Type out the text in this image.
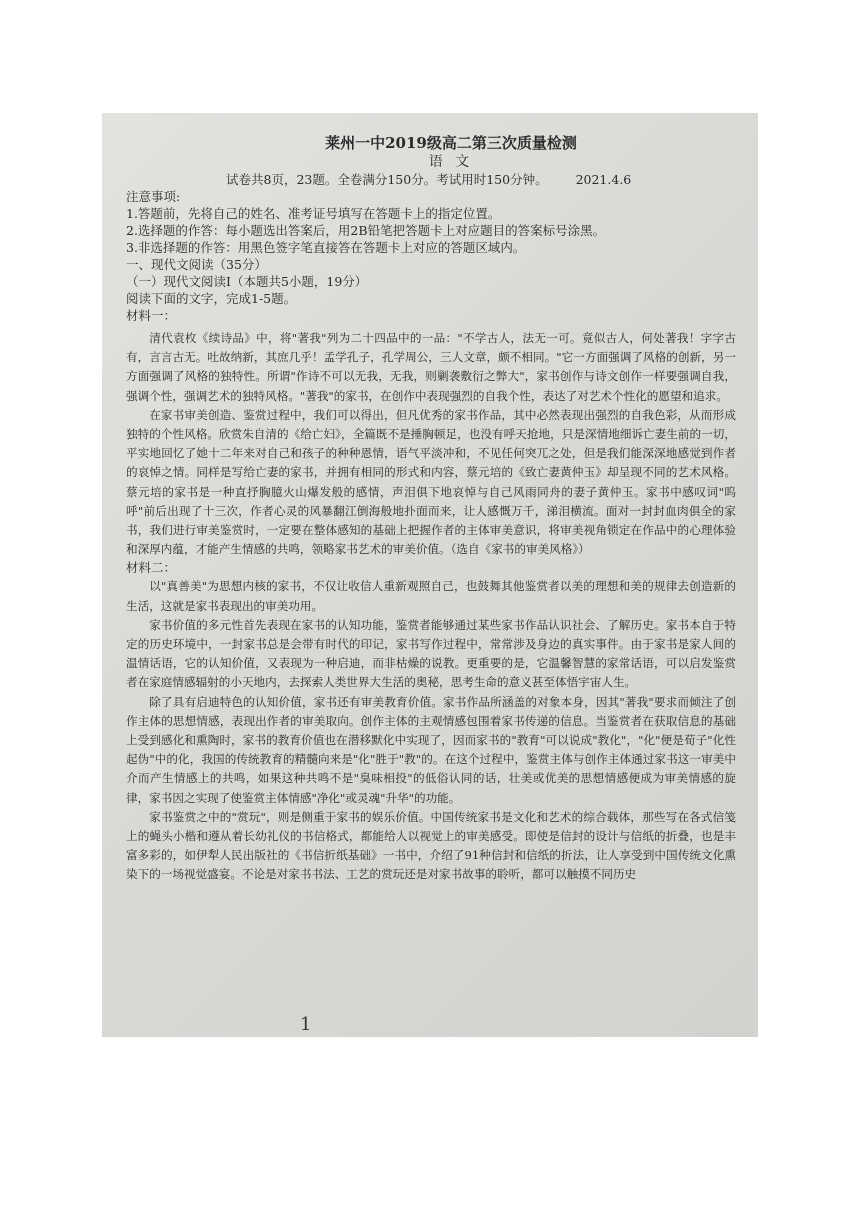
莱州一中2019级高二第三次质量检测
语 文
试卷共8页，23题。全卷满分150分。考试用时150分钟。 2021.4.6
注意事项:
1.答题前，先将自己的姓名、准考证号填写在答题卡上的指定位置。
2.选择题的作答：每小题选出答案后，用2B铅笔把答题卡上对应题目的答案标号涂黑。
3.非选择题的作答：用黑色签字笔直接答在答题卡上对应的答题区域内。
一、现代文阅读（35分）
（一）现代文阅读Ⅰ（本题共5小题，19分）
阅读下面的文字，完成1-5题。
材料一：

清代袁枚《续诗品》中，将"著我"列为二十四品中的一品："不学古人，法无一可。竟似古人，何处著我！字字古有，言言古无。吐故纳新，其庶几乎！孟学孔子，孔学周公，三人文章，颇不相同。"它一方面强调了风格的创新，另一方面强调了风格的独特性。所谓"作诗不可以无我，无我，则剿袭敷衍之弊大"，家书创作与诗文创作一样要强调自我，强调个性，强调艺术的独特风格。"著我"的家书，在创作中表现强烈的自我个性，表达了对艺术个性化的愿望和追求。

在家书审美创造、鉴赏过程中，我们可以得出，但凡优秀的家书作品，其中必然表现出强烈的自我色彩，从而形成独特的个性风格。欣赏朱自清的《给亡妇》，全篇既不是捶胸顿足，也没有呼天抢地，只是深情地细诉亡妻生前的一切，平实地回忆了她十二年来对自己和孩子的种种恩情，语气平淡冲和，不见任何突兀之处，但是我们能深深地感觉到作者的哀悼之情。同样是写给亡妻的家书，并拥有相同的形式和内容，蔡元培的《致亡妻黄仲玉》却呈现不同的艺术风格。蔡元培的家书是一种直抒胸臆火山爆发般的感情，声泪俱下地哀悼与自己风雨同舟的妻子黄仲玉。家书中感叹词"呜呼"前后出现了十三次，作者心灵的风暴翻江倒海般地扑面而来，让人感慨万千，涕泪横流。面对一封封血肉俱全的家书，我们进行审美鉴赏时，一定要在整体感知的基础上把握作者的主体审美意识，将审美视角锁定在作品中的心理体验和深厚内蕴，才能产生情感的共鸣，领略家书艺术的审美价值。（选自《家书的审美风格》）

材料二：

以"真善美"为思想内核的家书，不仅让收信人重新观照自己，也鼓舞其他鉴赏者以美的理想和美的规律去创造新的生活，这就是家书表现出的审美功用。

家书价值的多元性首先表现在家书的认知功能，鉴赏者能够通过某些家书作品认识社会、了解历史。家书本自于特定的历史环境中，一封家书总是会带有时代的印记，家书写作过程中，常常涉及身边的真实事件。由于家书是家人间的温情话语，它的认知价值，又表现为一种启迪，而非枯燥的说教。更重要的是，它温馨智慧的家常话语，可以启发鉴赏者在家庭情感辐射的小天地内，去探索人类世界大生活的奥秘，思考生命的意义甚至体悟宇宙人生。

除了具有启迪特色的认知价值，家书还有审美教育价值。家书作品所涵盖的对象本身，因其"著我"要求而倾注了创作主体的思想情感，表现出作者的审美取向。创作主体的主观情感包围着家书传递的信息。当鉴赏者在获取信息的基础上受到感化和熏陶时，家书的教育价值也在潜移默化中实现了，因而家书的"教育"可以说成"教化"，"化"便是荀子"化性起伪"中的化，我国的传统教育的精髓向来是"化"胜于"教"的。在这个过程中，鉴赏主体与创作主体通过家书这一审美中介而产生情感上的共鸣，如果这种共鸣不是"臭味相投"的低俗认同的话，壮美或优美的思想情感便成为审美情感的旋律，家书因之实现了使鉴赏主体情感"净化"或灵魂"升华"的功能。

家书鉴赏之中的"赏玩"，则是侧重于家书的娱乐价值。中国传统家书是文化和艺术的综合载体，那些写在各式信笺上的蝇头小楷和遵从着长幼礼仪的书信格式，都能给人以视觉上的审美感受。即使是信封的设计与信纸的折叠，也是丰富多彩的，如伊犁人民出版社的《书信折纸基础》一书中，介绍了91种信封和信纸的折法，让人享受到中国传统文化熏染下的一场视觉盛宴。不论是对家书书法、工艺的赏玩还是对家书故事的聆听，都可以触摸不同历史

1
